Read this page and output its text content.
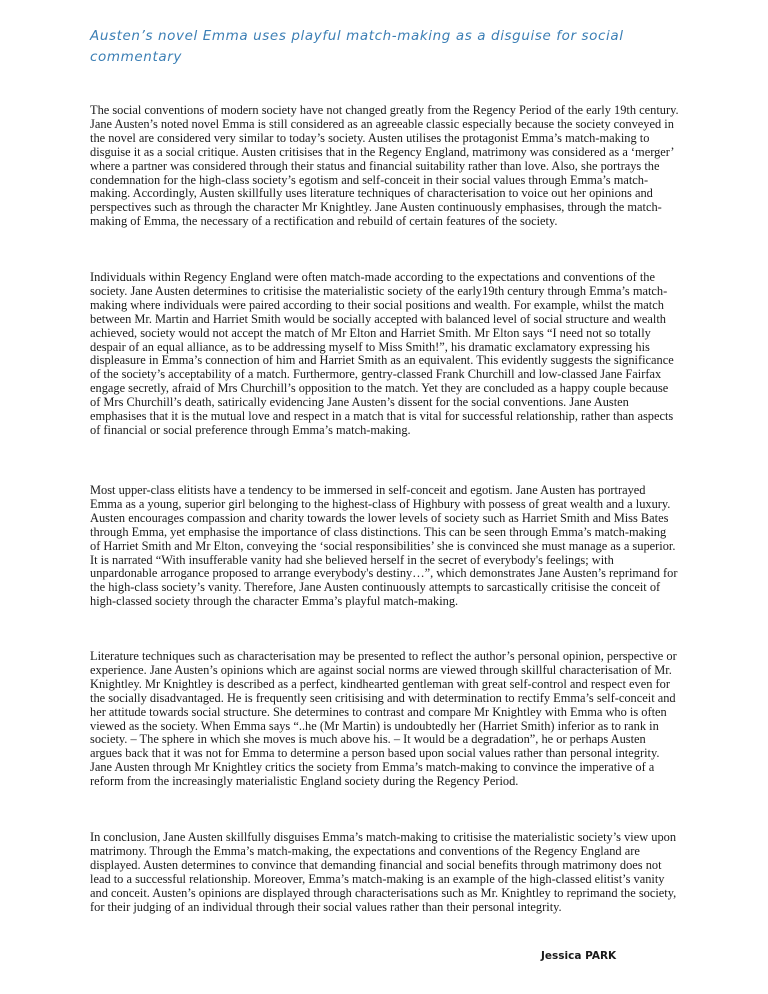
Austen’s novel Emma uses playful match-making as a disguise for social commentary

The social conventions of modern society have not changed greatly from the Regency Period of the early 19th century. Jane Austen’s noted novel Emma is still considered as an agreeable classic especially because the society conveyed in the novel are considered very similar to today’s society. Austen utilises the protagonist Emma’s match-making to disguise it as a social critique. Austen critisises that in the Regency England, matrimony was considered as a ‘merger’ where a partner was considered through their status and financial suitability rather than love. Also, she portrays the condemnation for the high-class society’s egotism and self-conceit in their social values through Emma’s match-making. Accordingly, Austen skillfully uses literature techniques of characterisation to voice out her opinions and perspectives such as through the character Mr Knightley. Jane Austen continuously emphasises, through the match-making of Emma, the necessary of a rectification and rebuild of certain features of the society.

Individuals within Regency England were often match-made according to the expectations and conventions of the society. Jane Austen determines to critisise the materialistic society of the early19th century through Emma’s match-making where individuals were paired according to their social positions and wealth. For example, whilst the match between Mr. Martin and Harriet Smith would be socially accepted with balanced level of social structure and wealth achieved, society would not accept the match of Mr Elton and Harriet Smith. Mr Elton says “I need not so totally despair of an equal alliance, as to be addressing myself to Miss Smith!”, his dramatic exclamatory expressing his displeasure in Emma’s connection of him and Harriet Smith as an equivalent. This evidently suggests the significance of the society’s acceptability of a match. Furthermore, gentry-classed Frank Churchill and low-classed Jane Fairfax engage secretly, afraid of Mrs Churchill’s opposition to the match. Yet they are concluded as a happy couple because of Mrs Churchill’s death, satirically evidencing Jane Austen’s dissent for the social conventions. Jane Austen emphasises that it is the mutual love and respect in a match that is vital for successful relationship, rather than aspects of financial or social preference through Emma’s match-making.

Most upper-class elitists have a tendency to be immersed in self-conceit and egotism. Jane Austen has portrayed Emma as a young, superior girl belonging to the highest-class of Highbury with possess of great wealth and a luxury. Austen encourages compassion and charity towards the lower levels of society such as Harriet Smith and Miss Bates through Emma, yet emphasise the importance of class distinctions. This can be seen through Emma’s match-making of Harriet Smith and Mr Elton, conveying the ‘social responsibilities’ she is convinced she must manage as a superior. It is narrated “With insufferable vanity had she believed herself in the secret of everybody's feelings; with unpardonable arrogance proposed to arrange everybody's destiny…”, which demonstrates Jane Austen’s reprimand for the high-class society’s vanity. Therefore, Jane Austen continuously attempts to sarcastically critisise the conceit of high-classed society through the character Emma’s playful match-making.

Literature techniques such as characterisation may be presented to reflect the author’s personal opinion, perspective or experience. Jane Austen’s opinions which are against social norms are viewed through skillful characterisation of Mr. Knightley. Mr Knightley is described as a perfect, kindhearted gentleman with great self-control and respect even for the socially disadvantaged. He is frequently seen critisising and with determination to rectify Emma’s self-conceit and her attitude towards social structure. She determines to contrast and compare Mr Knightley with Emma who is often viewed as the society. When Emma says “..he (Mr Martin) is undoubtedly her (Harriet Smith) inferior as to rank in society. – The sphere in which she moves is much above his. – It would be a degradation”, he or perhaps Austen argues back that it was not for Emma to determine a person based upon social values rather than personal integrity. Jane Austen through Mr Knightley critics the society from Emma’s match-making to convince the imperative of a reform from the increasingly materialistic England society during the Regency Period.

In conclusion, Jane Austen skillfully disguises Emma’s match-making to critisise the materialistic society’s view upon matrimony. Through the Emma’s match-making, the expectations and conventions of the Regency England are displayed. Austen determines to convince that demanding financial and social benefits through matrimony does not lead to a successful relationship. Moreover, Emma’s match-making is an example of the high-classed elitist’s vanity and conceit. Austen’s opinions are displayed through characterisations such as Mr. Knightley to reprimand the society, for their judging of an individual through their social values rather than their personal integrity.

Jessica PARK
